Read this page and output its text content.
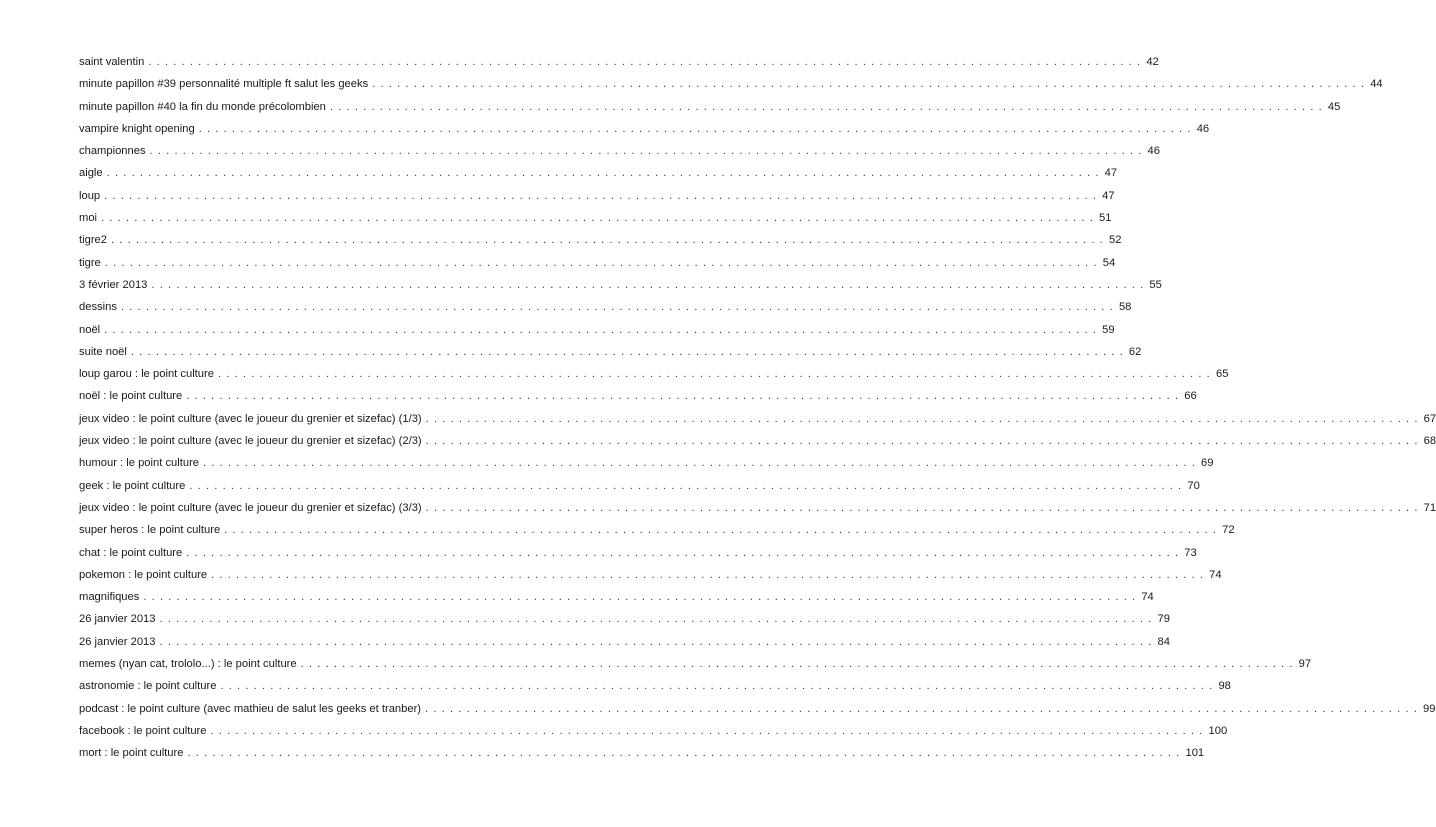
saint valentin ........................................................................................................................ 42
minute papillon #39 personnalité multiple ft salut les geeks ........................................................................................................................ 44
minute papillon #40 la fin du monde précolombien ........................................................................................................................ 45
vampire knight opening ........................................................................................................................ 46
championnes ........................................................................................................................ 46
aigle ........................................................................................................................ 47
loup ........................................................................................................................ 47
moi ........................................................................................................................ 51
tigre2 ........................................................................................................................ 52
tigre ........................................................................................................................ 54
3 février 2013 ........................................................................................................................ 55
dessins ........................................................................................................................ 58
noël ........................................................................................................................ 59
suite noël ........................................................................................................................ 62
loup garou : le point culture ........................................................................................................................ 65
noël : le point culture ........................................................................................................................ 66
jeux video : le point culture (avec le joueur du grenier et sizefac) (1/3) ........................................................................................................................ 67
jeux video : le point culture (avec le joueur du grenier et sizefac) (2/3) ........................................................................................................................ 68
humour : le point culture ........................................................................................................................ 69
geek : le point culture ........................................................................................................................ 70
jeux video : le point culture (avec le joueur du grenier et sizefac) (3/3) ........................................................................................................................ 71
super heros : le point culture ........................................................................................................................ 72
chat : le point culture ........................................................................................................................ 73
pokemon : le point culture ........................................................................................................................ 74
magnifiques ........................................................................................................................ 74
26 janvier 2013 ........................................................................................................................ 79
26 janvier 2013 ........................................................................................................................ 84
memes (nyan cat, trololo...) : le point culture ........................................................................................................................ 97
astronomie : le point culture ........................................................................................................................ 98
podcast : le point culture (avec mathieu de salut les geeks et tranber) ........................................................................................................................ 99
facebook : le point culture ........................................................................................................................ 100
mort : le point culture ........................................................................................................................ 101
